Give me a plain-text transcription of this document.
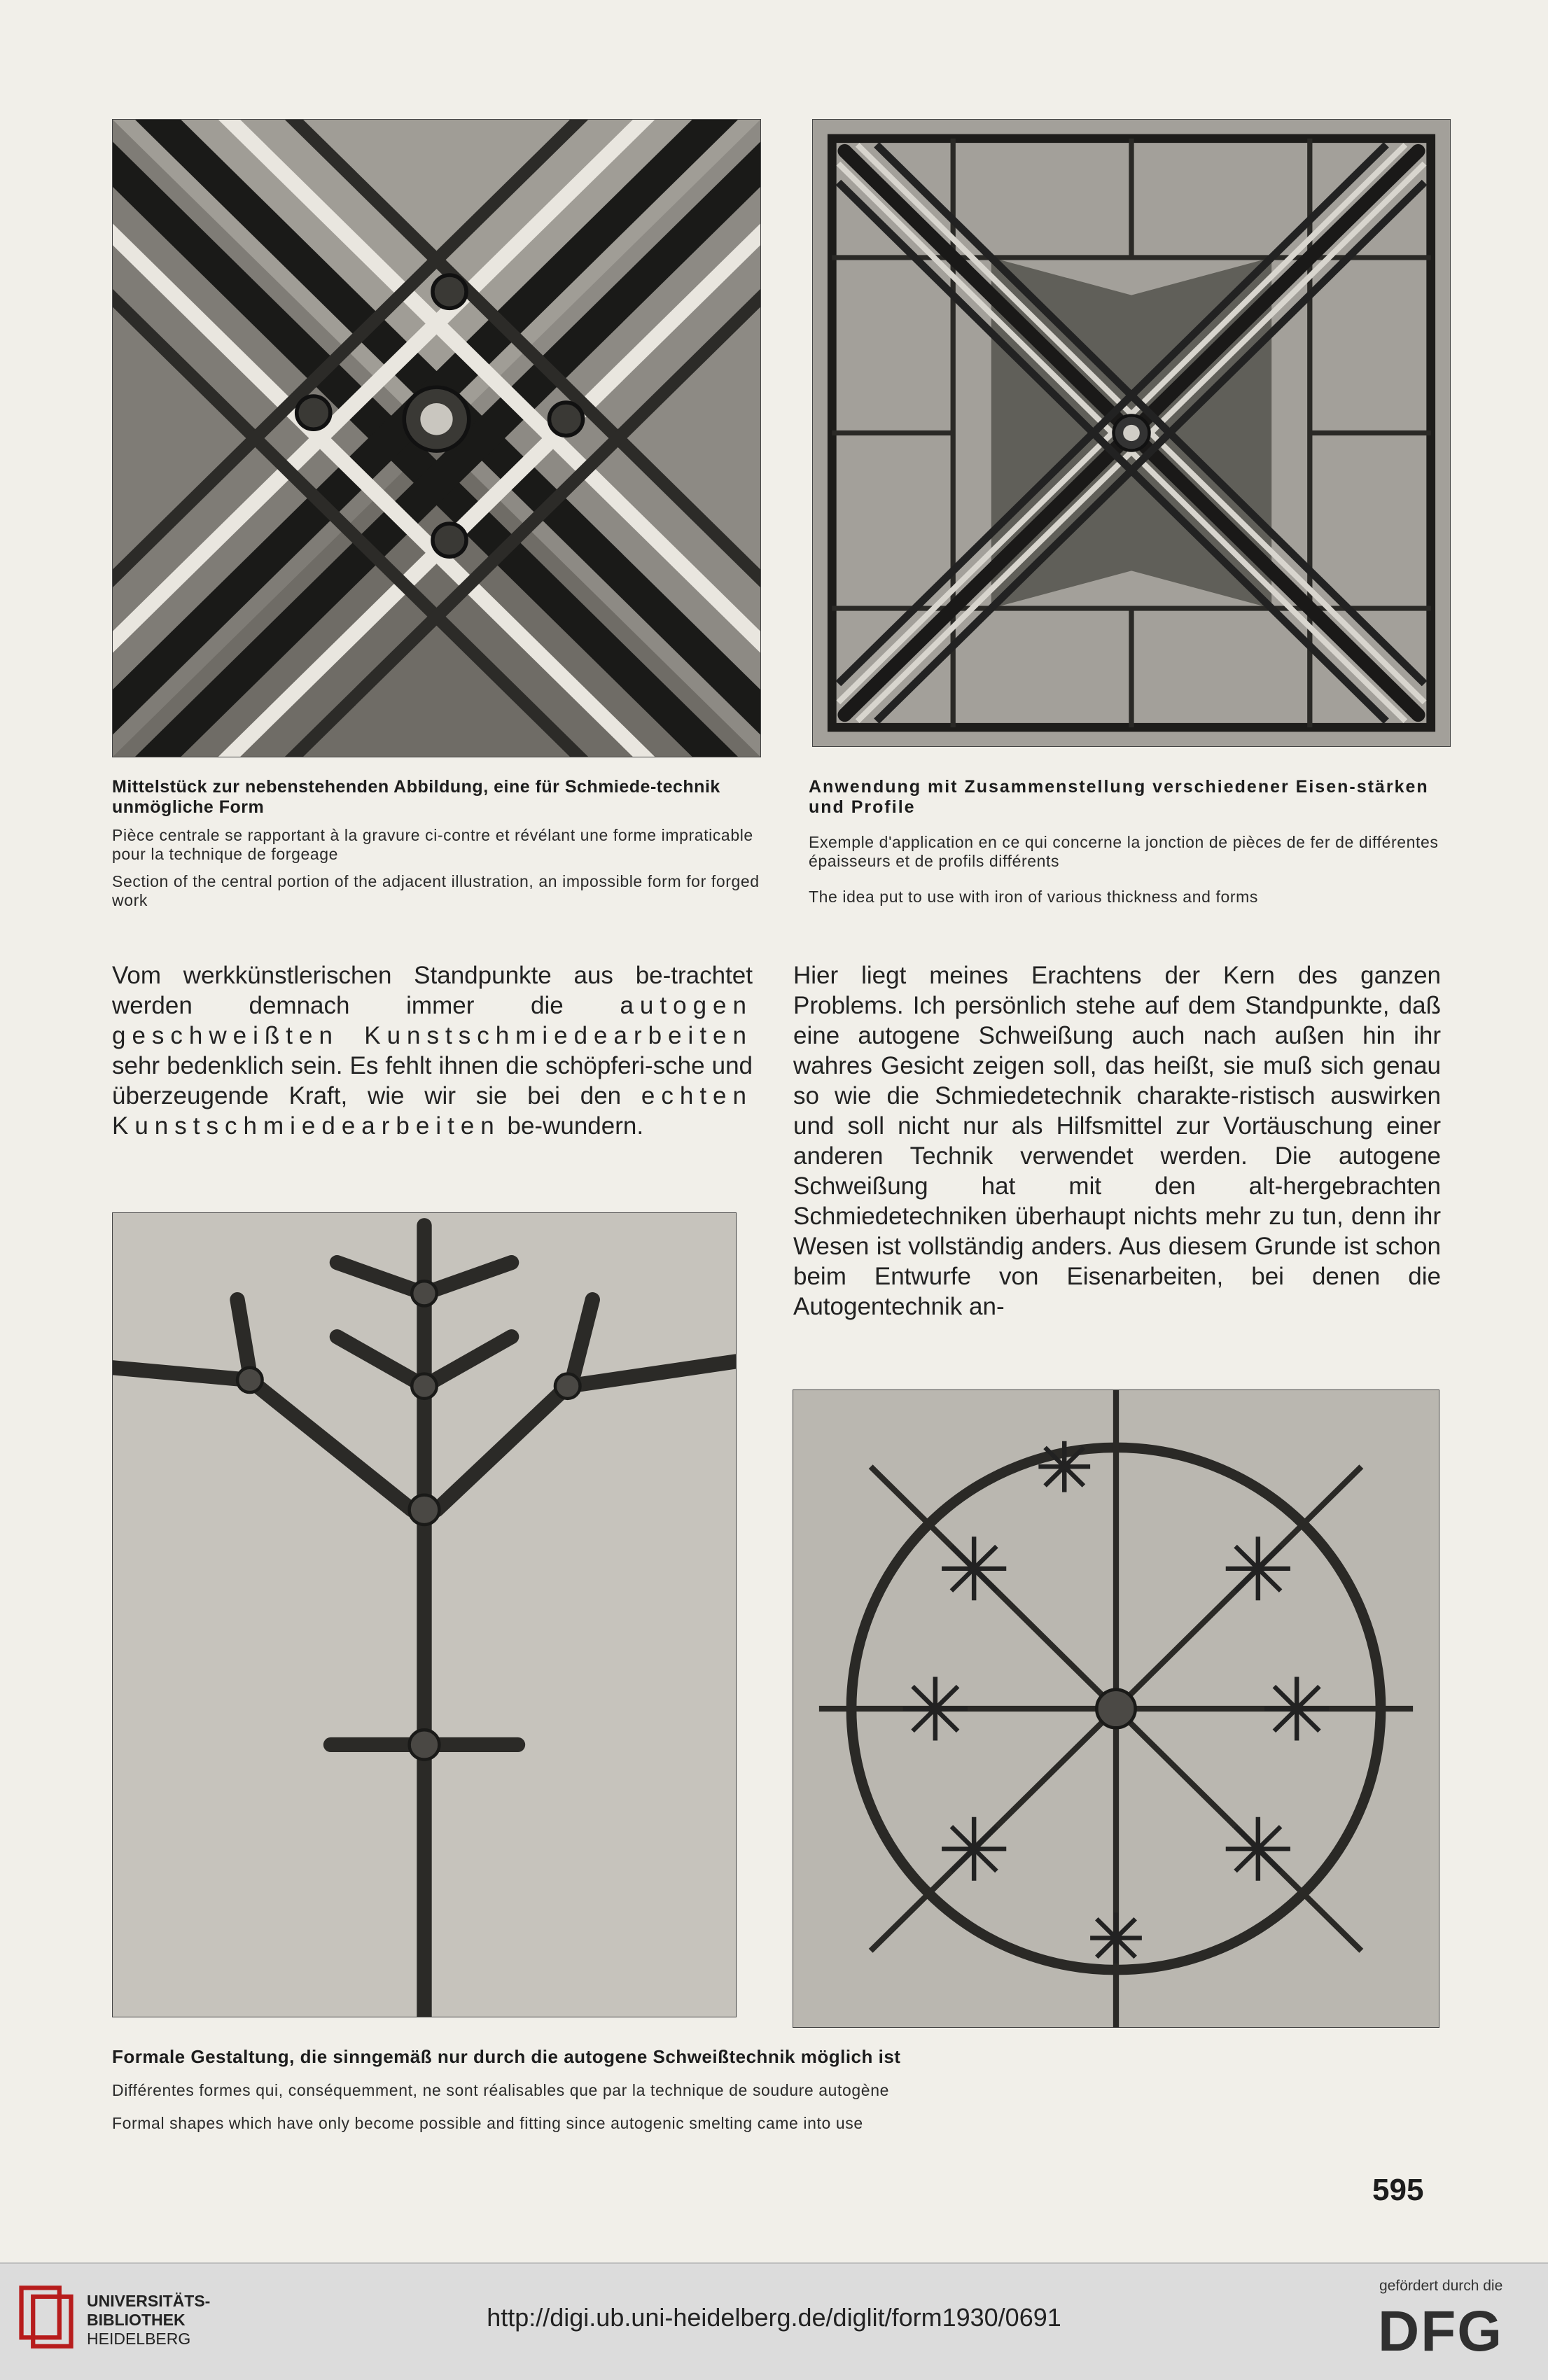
Mittelstück zur nebenstehenden Abbildung, eine für Schmiede-technik unmögliche Form
Pièce centrale se rapportant à la gravure ci-contre et révélant une forme impraticable pour la technique de forgeage
Section of the central portion of the adjacent illustration, an impossible form for forged work
Anwendung mit Zusammenstellung verschiedener Eisen-stärken und Profile
Exemple d'application en ce qui concerne la jonction de pièces de fer de différentes épaisseurs et de profils différents
The idea put to use with iron of various thickness and forms
Vom werkkünstlerischen Standpunkte aus be-trachtet werden demnach immer die autogen geschweißten Kunstschmiedearbeiten sehr bedenklich sein. Es fehlt ihnen die schöpferi-sche und überzeugende Kraft, wie wir sie bei den echten Kunstschmiedearbeiten be-wundern.
Hier liegt meines Erachtens der Kern des ganzen Problems. Ich persönlich stehe auf dem Standpunkte, daß eine autogene Schweißung auch nach außen hin ihr wahres Gesicht zeigen soll, das heißt, sie muß sich genau so wie die Schmiedetechnik charakte-ristisch auswirken und soll nicht nur als Hilfsmittel zur Vortäuschung einer anderen Technik verwendet werden. Die autogene Schweißung hat mit den alt-hergebrachten Schmiedetechniken überhaupt nichts mehr zu tun, denn ihr Wesen ist vollständig anders. Aus diesem Grunde ist schon beim Entwurfe von Eisenarbeiten, bei denen die Autogentechnik an-
Formale Gestaltung, die sinngemäß nur durch die autogene Schweißtechnik möglich ist
Différentes formes qui, conséquemment, ne sont réalisables que par la technique de soudure autogène
Formal shapes which have only become possible and fitting since autogenic smelting came into use
595
UNIVERSITÄTS-
BIBLIOTHEK
HEIDELBERG
http://digi.ub.uni-heidelberg.de/diglit/form1930/0691
gefördert durch die
DFG
